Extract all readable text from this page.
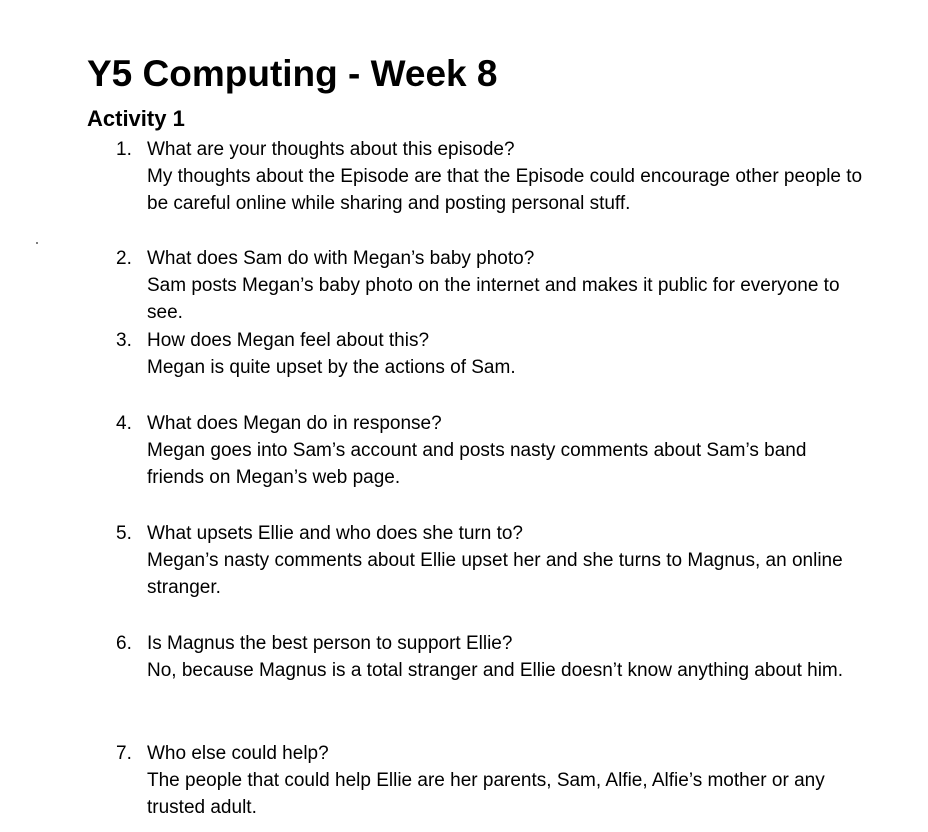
Y5 Computing - Week 8
Activity 1
1. What are your thoughts about this episode?
My thoughts about the Episode are that the Episode could encourage other people to be careful online while sharing and posting personal stuff.
2. What does Sam do with Megan’s baby photo?
Sam posts Megan’s baby photo on the internet and makes it public for everyone to see.
3. How does Megan feel about this?
Megan is quite upset by the actions of Sam.
4. What does Megan do in response?
Megan goes into Sam’s account and posts nasty comments about Sam’s band friends on Megan’s web page.
5. What upsets Ellie and who does she turn to?
Megan’s nasty comments about Ellie upset her and she turns to Magnus, an online stranger.
6. Is Magnus the best person to support Ellie?
No, because Magnus is a total stranger and Ellie doesn’t know anything about him.
7. Who else could help?
The people that could help Ellie are her parents, Sam, Alfie, Alfie’s mother or any trusted adult.
